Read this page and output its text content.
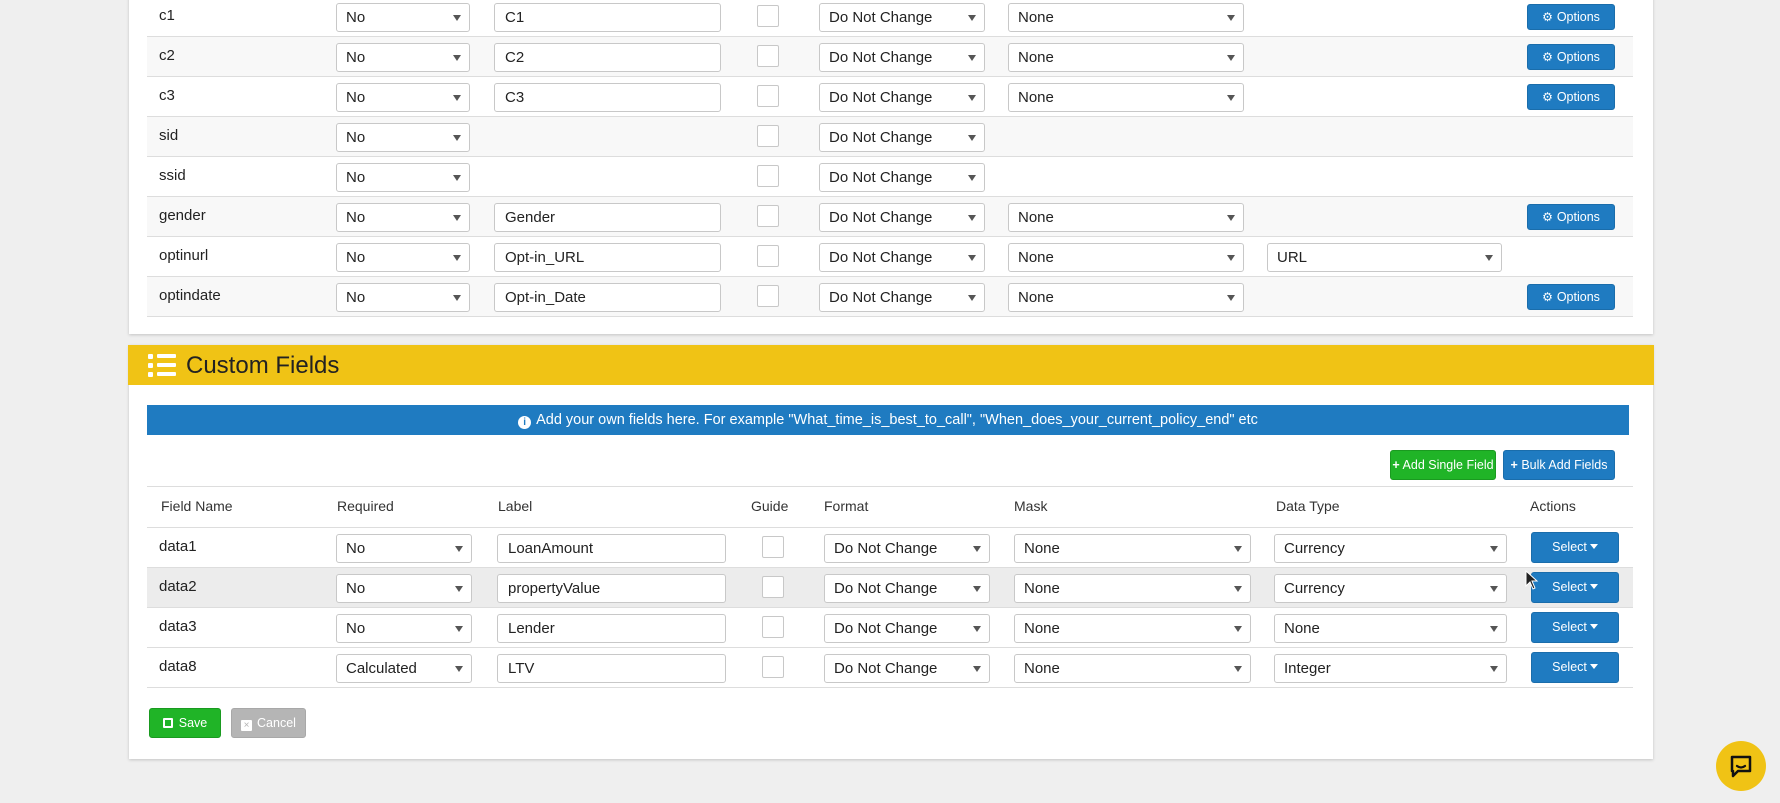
c1	No	C1	Do Not Change	None	⚙ Options
c2	No	C2	Do Not Change	None	⚙ Options
c3	No	C3	Do Not Change	None	⚙ Options
sid	No	Do Not Change
ssid	No	Do Not Change
gender	No	Gender	Do Not Change	None	⚙ Options
optinurl	No	Opt-in_URL	Do Not Change	None	URL
optindate	No	Opt-in_Date	Do Not Change	None	⚙ Options
Custom Fields
i Add your own fields here. For example "What_time_is_best_to_call", "When_does_your_current_policy_end" etc
+ Add Single Field	+ Bulk Add Fields
Field Name	Required	Label	Guide	Format	Mask	Data Type	Actions
data1	No	LoanAmount	Do Not Change	None	Currency	Select
data2	No	propertyValue	Do Not Change	None	Currency	Select
data3	No	Lender	Do Not Change	None	None	Select
data8	Calculated	LTV	Do Not Change	None	Integer	Select
Save	× Cancel
